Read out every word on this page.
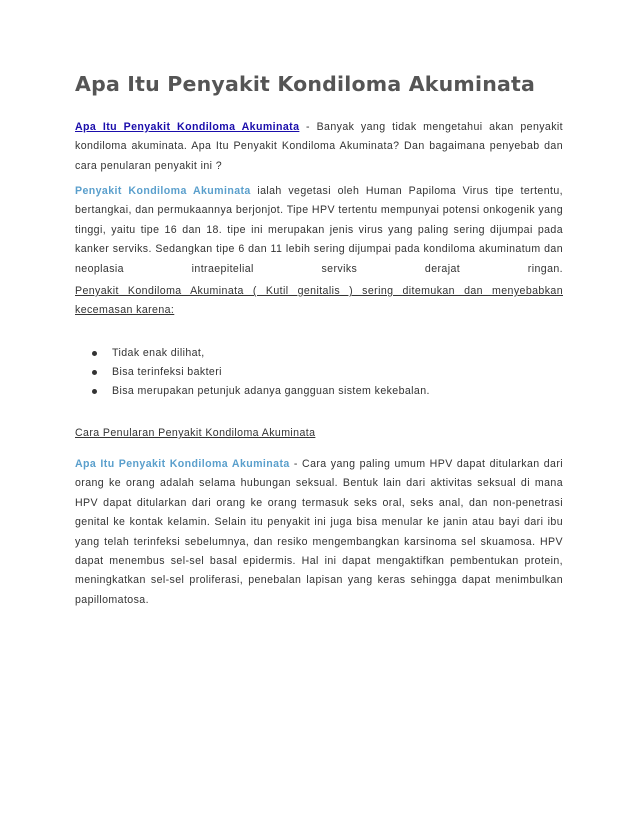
Apa Itu Penyakit Kondiloma Akuminata

Apa Itu Penyakit Kondiloma Akuminata - Banyak yang tidak mengetahui akan penyakit kondiloma akuminata. Apa Itu Penyakit Kondiloma Akuminata? Dan bagaimana penyebab dan cara penularan penyakit ini ?

Penyakit Kondiloma Akuminata ialah vegetasi oleh Human Papiloma Virus tipe tertentu, bertangkai, dan permukaannya berjonjot. Tipe HPV tertentu mempunyai potensi onkogenik yang tinggi, yaitu tipe 16 dan 18. tipe ini merupakan jenis virus yang paling sering dijumpai pada kanker serviks. Sedangkan tipe 6 dan 11 lebih sering dijumpai pada kondiloma akuminatum dan neoplasia intraepitelial serviks derajat ringan.

Penyakit Kondiloma Akuminata ( Kutil genitalis ) sering ditemukan dan menyebabkan kecemasan karena:

Tidak enak dilihat,
Bisa terinfeksi bakteri
Bisa merupakan petunjuk adanya gangguan sistem kekebalan.

Cara Penularan Penyakit Kondiloma Akuminata

Apa Itu Penyakit Kondiloma Akuminata - Cara yang paling umum HPV dapat ditularkan dari orang ke orang adalah selama hubungan seksual. Bentuk lain dari aktivitas seksual di mana HPV dapat ditularkan dari orang ke orang termasuk seks oral, seks anal, dan non-penetrasi genital ke kontak kelamin. Selain itu penyakit ini juga bisa menular ke janin atau bayi dari ibu yang telah terinfeksi sebelumnya, dan resiko mengembangkan karsinoma sel skuamosa. HPV dapat menembus sel-sel basal epidermis. Hal ini dapat mengaktifkan pembentukan protein, meningkatkan sel-sel proliferasi, penebalan lapisan yang keras sehingga dapat menimbulkan papillomatosa.
